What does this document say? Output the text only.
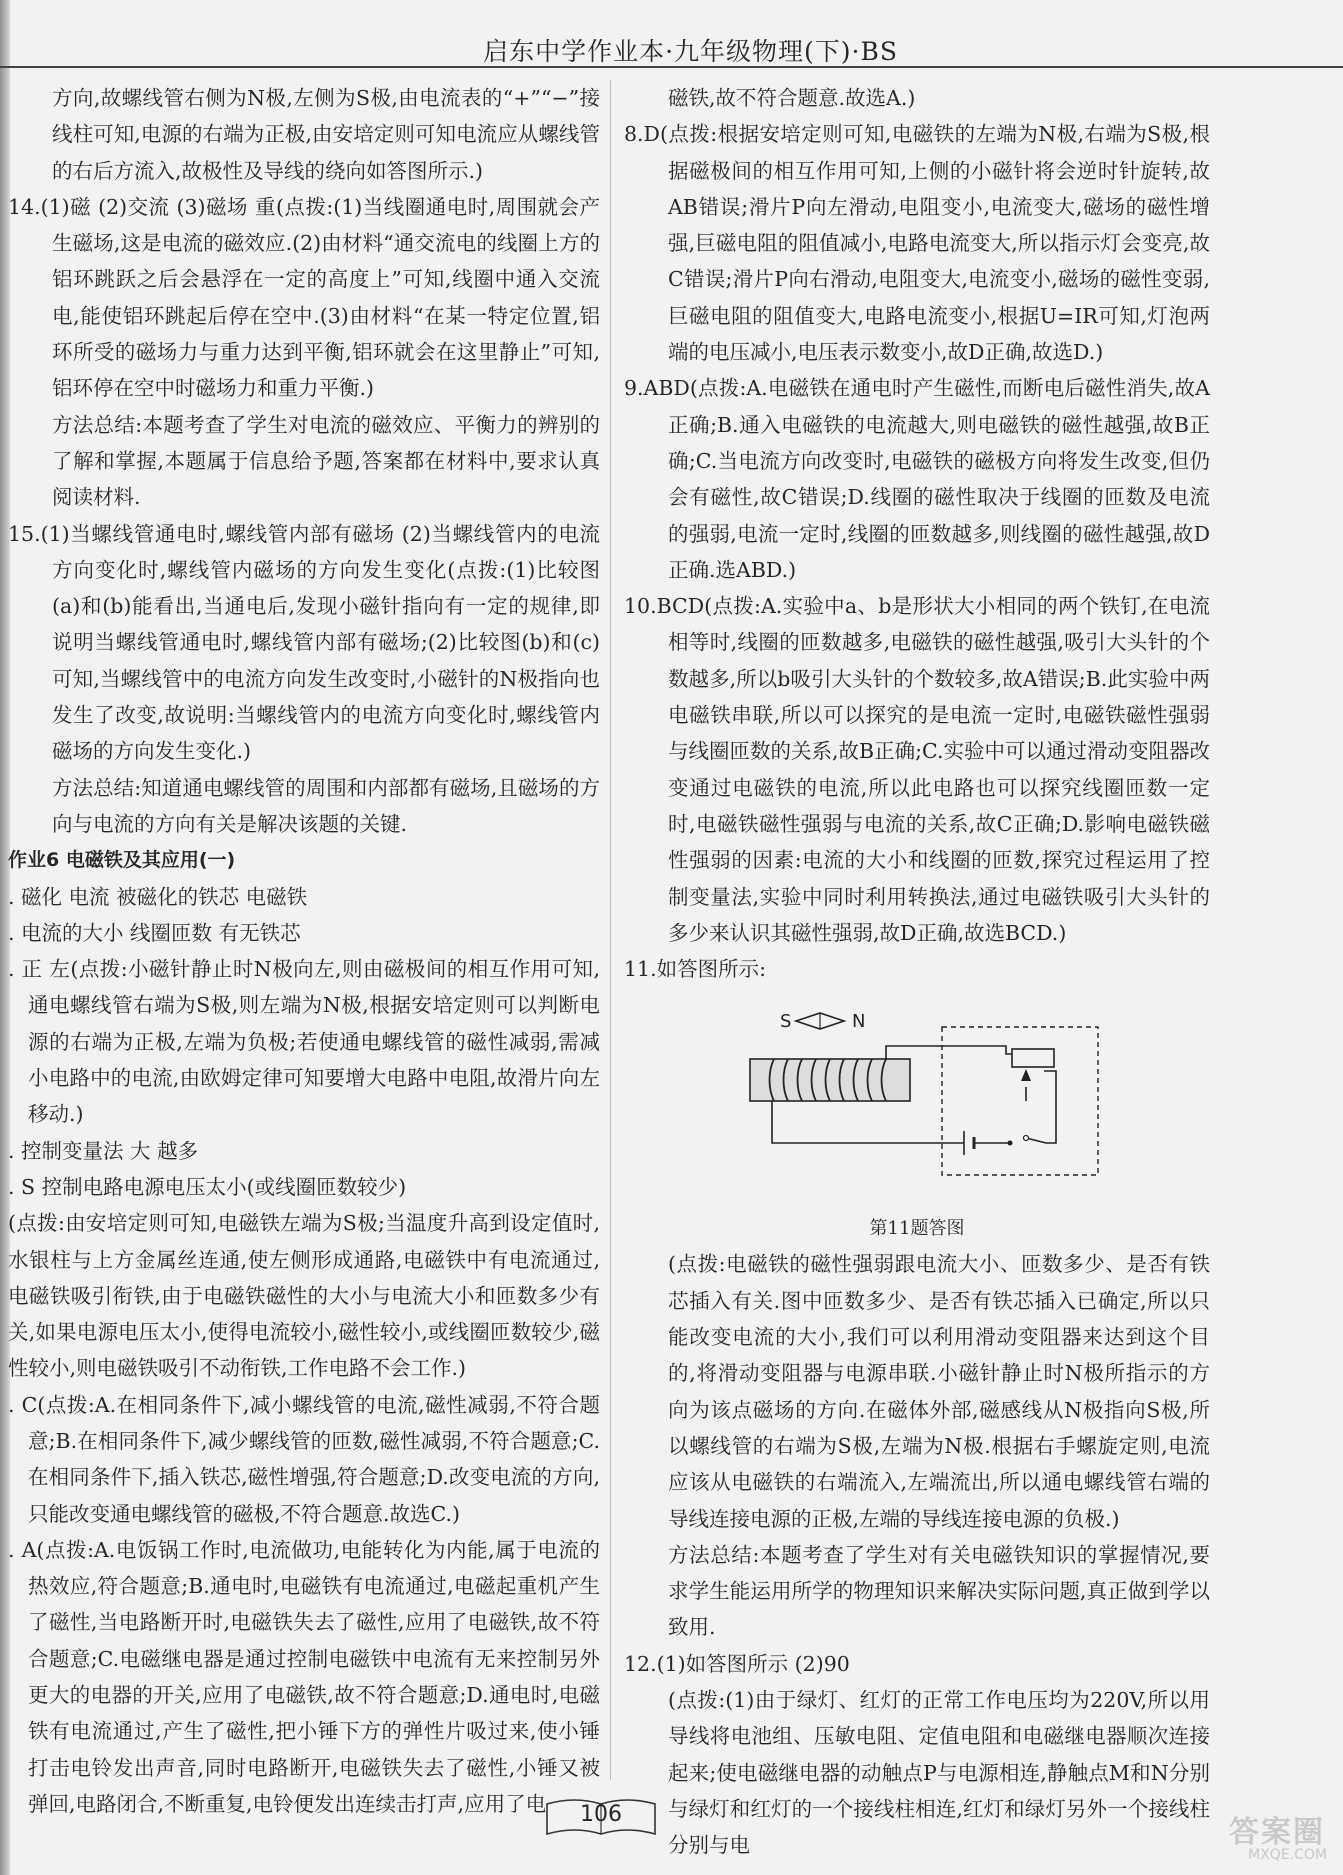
启东中学作业本·九年级物理(下)·BS

方向,故螺线管右侧为N极,左侧为S极,由电流表的“+”“−”接线柱可知,电源的右端为正极,由安培定则可知电流应从螺线管的右后方流入,故极性及导线的绕向如答图所示.)

14.(1)磁 (2)交流 (3)磁场 重(点拨:(1)当线圈通电时,周围就会产生磁场,这是电流的磁效应.(2)由材料“通交流电的线圈上方的铝环跳跃之后会悬浮在一定的高度上”可知,线圈中通入交流电,能使铝环跳起后停在空中.(3)由材料“在某一特定位置,铝环所受的磁场力与重力达到平衡,铝环就会在这里静止”可知,铝环停在空中时磁场力和重力平衡.)

方法总结:本题考查了学生对电流的磁效应、平衡力的辨别的了解和掌握,本题属于信息给予题,答案都在材料中,要求认真阅读材料.

15.(1)当螺线管通电时,螺线管内部有磁场 (2)当螺线管内的电流方向变化时,螺线管内磁场的方向发生变化(点拨:(1)比较图(a)和(b)能看出,当通电后,发现小磁针指向有一定的规律,即说明当螺线管通电时,螺线管内部有磁场;(2)比较图(b)和(c)可知,当螺线管中的电流方向发生改变时,小磁针的N极指向也发生了改变,故说明:当螺线管内的电流方向变化时,螺线管内磁场的方向发生变化.)

方法总结:知道通电螺线管的周围和内部都有磁场,且磁场的方向与电流的方向有关是解决该题的关键.

作业6 电磁铁及其应用(一)

. 磁化 电流 被磁化的铁芯 电磁铁

. 电流的大小 线圈匝数 有无铁芯

. 正 左(点拨:小磁针静止时N极向左,则由磁极间的相互作用可知,通电螺线管右端为S极,则左端为N极,根据安培定则可以判断电源的右端为正极,左端为负极;若使通电螺线管的磁性减弱,需减小电路中的电流,由欧姆定律可知要增大电路中电阻,故滑片向左移动.)

. 控制变量法 大 越多

. S 控制电路电源电压太小(或线圈匝数较少)

(点拨:由安培定则可知,电磁铁左端为S极;当温度升高到设定值时,水银柱与上方金属丝连通,使左侧形成通路,电磁铁中有电流通过,电磁铁吸引衔铁,由于电磁铁磁性的大小与电流大小和匝数多少有关,如果电源电压太小,使得电流较小,磁性较小,或线圈匝数较少,磁性较小,则电磁铁吸引不动衔铁,工作电路不会工作.)

. C(点拨:A.在相同条件下,减小螺线管的电流,磁性减弱,不符合题意;B.在相同条件下,减少螺线管的匝数,磁性减弱,不符合题意;C.在相同条件下,插入铁芯,磁性增强,符合题意;D.改变电流的方向,只能改变通电螺线管的磁极,不符合题意.故选C.)

. A(点拨:A.电饭锅工作时,电流做功,电能转化为内能,属于电流的热效应,符合题意;B.通电时,电磁铁有电流通过,电磁起重机产生了磁性,当电路断开时,电磁铁失去了磁性,应用了电磁铁,故不符合题意;C.电磁继电器是通过控制电磁铁中电流有无来控制另外更大的电器的开关,应用了电磁铁,故不符合题意;D.通电时,电磁铁有电流通过,产生了磁性,把小锤下方的弹性片吸过来,使小锤打击电铃发出声音,同时电路断开,电磁铁失去了磁性,小锤又被弹回,电路闭合,不断重复,电铃便发出连续击打声,应用了电

磁铁,故不符合题意.故选A.)

8.D(点拨:根据安培定则可知,电磁铁的左端为N极,右端为S极,根据磁极间的相互作用可知,上侧的小磁针将会逆时针旋转,故AB错误;滑片P向左滑动,电阻变小,电流变大,磁场的磁性增强,巨磁电阻的阻值减小,电路电流变大,所以指示灯会变亮,故C错误;滑片P向右滑动,电阻变大,电流变小,磁场的磁性变弱,巨磁电阻的阻值变大,电路电流变小,根据U=IR可知,灯泡两端的电压减小,电压表示数变小,故D正确,故选D.)

9.ABD(点拨:A.电磁铁在通电时产生磁性,而断电后磁性消失,故A正确;B.通入电磁铁的电流越大,则电磁铁的磁性越强,故B正确;C.当电流方向改变时,电磁铁的磁极方向将发生改变,但仍会有磁性,故C错误;D.线圈的磁性取决于线圈的匝数及电流的强弱,电流一定时,线圈的匝数越多,则线圈的磁性越强,故D正确.选ABD.)

10.BCD(点拨:A.实验中a、b是形状大小相同的两个铁钉,在电流相等时,线圈的匝数越多,电磁铁的磁性越强,吸引大头针的个数越多,所以b吸引大头针的个数较多,故A错误;B.此实验中两电磁铁串联,所以可以探究的是电流一定时,电磁铁磁性强弱与线圈匝数的关系,故B正确;C.实验中可以通过滑动变阻器改变通过电磁铁的电流,所以此电路也可以探究线圈匝数一定时,电磁铁磁性强弱与电流的关系,故C正确;D.影响电磁铁磁性强弱的因素:电流的大小和线圈的匝数,探究过程运用了控制变量法,实验中同时利用转换法,通过电磁铁吸引大头针的多少来认识其磁性强弱,故D正确,故选BCD.)

11.如答图所示:

S	N
第11题答图

(点拨:电磁铁的磁性强弱跟电流大小、匝数多少、是否有铁芯插入有关.图中匝数多少、是否有铁芯插入已确定,所以只能改变电流的大小,我们可以利用滑动变阻器来达到这个目的,将滑动变阻器与电源串联.小磁针静止时N极所指示的方向为该点磁场的方向.在磁体外部,磁感线从N极指向S极,所以螺线管的右端为S极,左端为N极.根据右手螺旋定则,电流应该从电磁铁的右端流入,左端流出,所以通电螺线管右端的导线连接电源的正极,左端的导线连接电源的负极.)

方法总结:本题考查了学生对有关电磁铁知识的掌握情况,要求学生能运用所学的物理知识来解决实际问题,真正做到学以致用.

12.(1)如答图所示 (2)90

(点拨:(1)由于绿灯、红灯的正常工作电压均为220V,所以用导线将电池组、压敏电阻、定值电阻和电磁继电器顺次连接起来;使电磁继电器的动触点P与电源相连,静触点M和N分别与绿灯和红灯的一个接线柱相连,红灯和绿灯另外一个接线柱分别与电

106
答案圈
MXQE.COM
